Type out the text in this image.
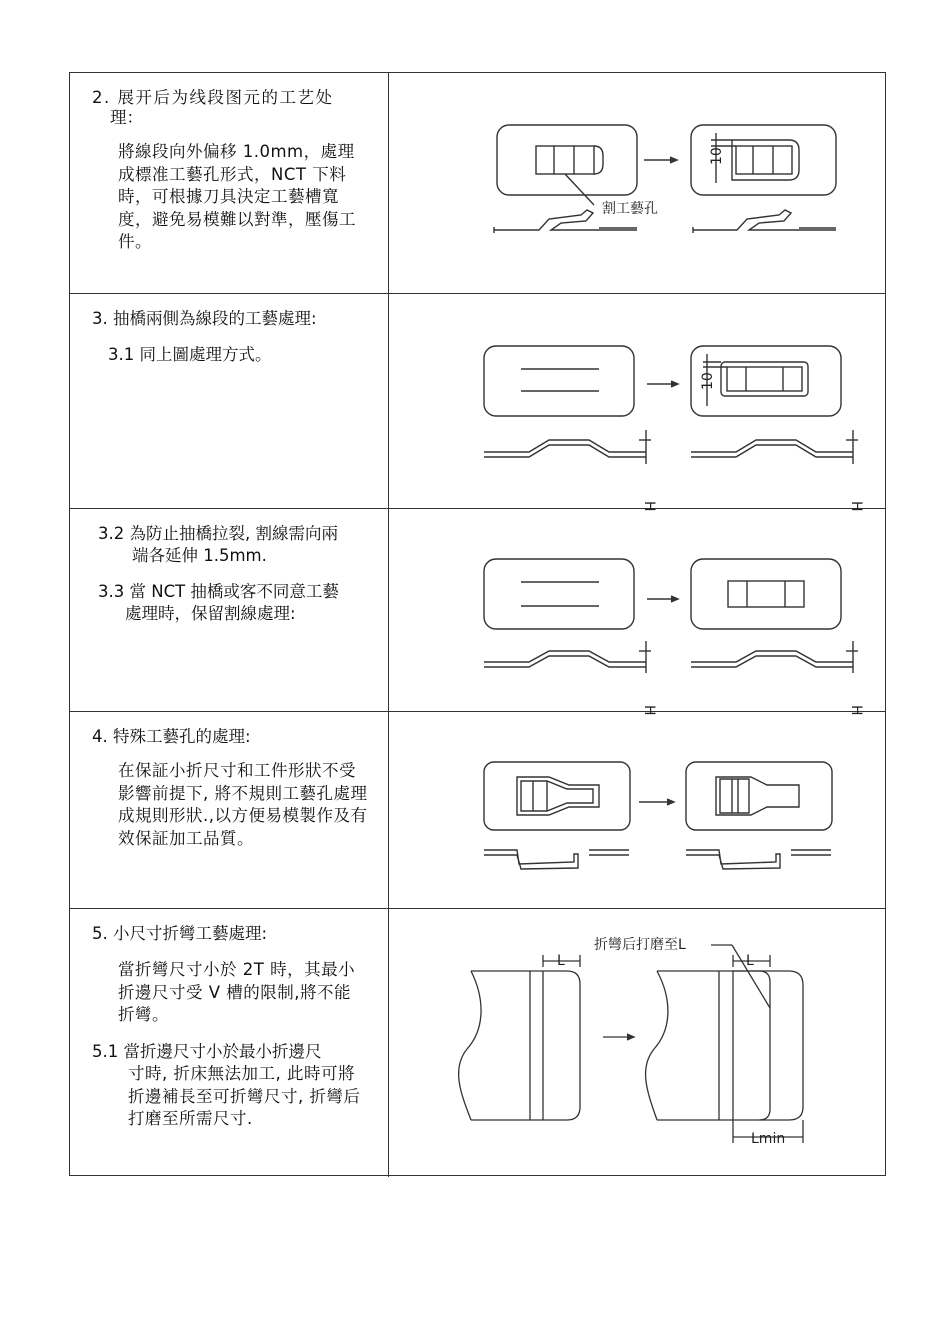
2. 展开后为线段图元的工艺处
理：
將線段向外偏移 1.0mm，處理成標准工藝孔形式，NCT 下料時，可根據刀具決定工藝槽寬度，避免易模難以對準，壓傷工件。
割工藝孔
10
3. 抽橋兩側為線段的工藝處理:
3.1 同上圖處理方式。
10
H	H
3.2 為防止抽橋拉裂, 割線需向兩
端各延伸 1.5mm.
3.3 當 NCT 抽橋或客不同意工藝
處理時，保留割線處理:
H	H
4. 特殊工藝孔的處理:
在保証小折尺寸和工件形狀不受影響前提下, 將不規則工藝孔處理成規則形狀.,以方便易模製作及有效保証加工品質。
5. 小尺寸折彎工藝處理:
當折彎尺寸小於 2T 時，其最小折邊尺寸受 V 槽的限制,將不能折彎。
5.1 當折邊尺寸小於最小折邊尺
寸時, 折床無法加工, 此時可將折邊補長至可折彎尺寸, 折彎后打磨至所需尺寸.
L
折彎后打磨至L
L
Lmin
